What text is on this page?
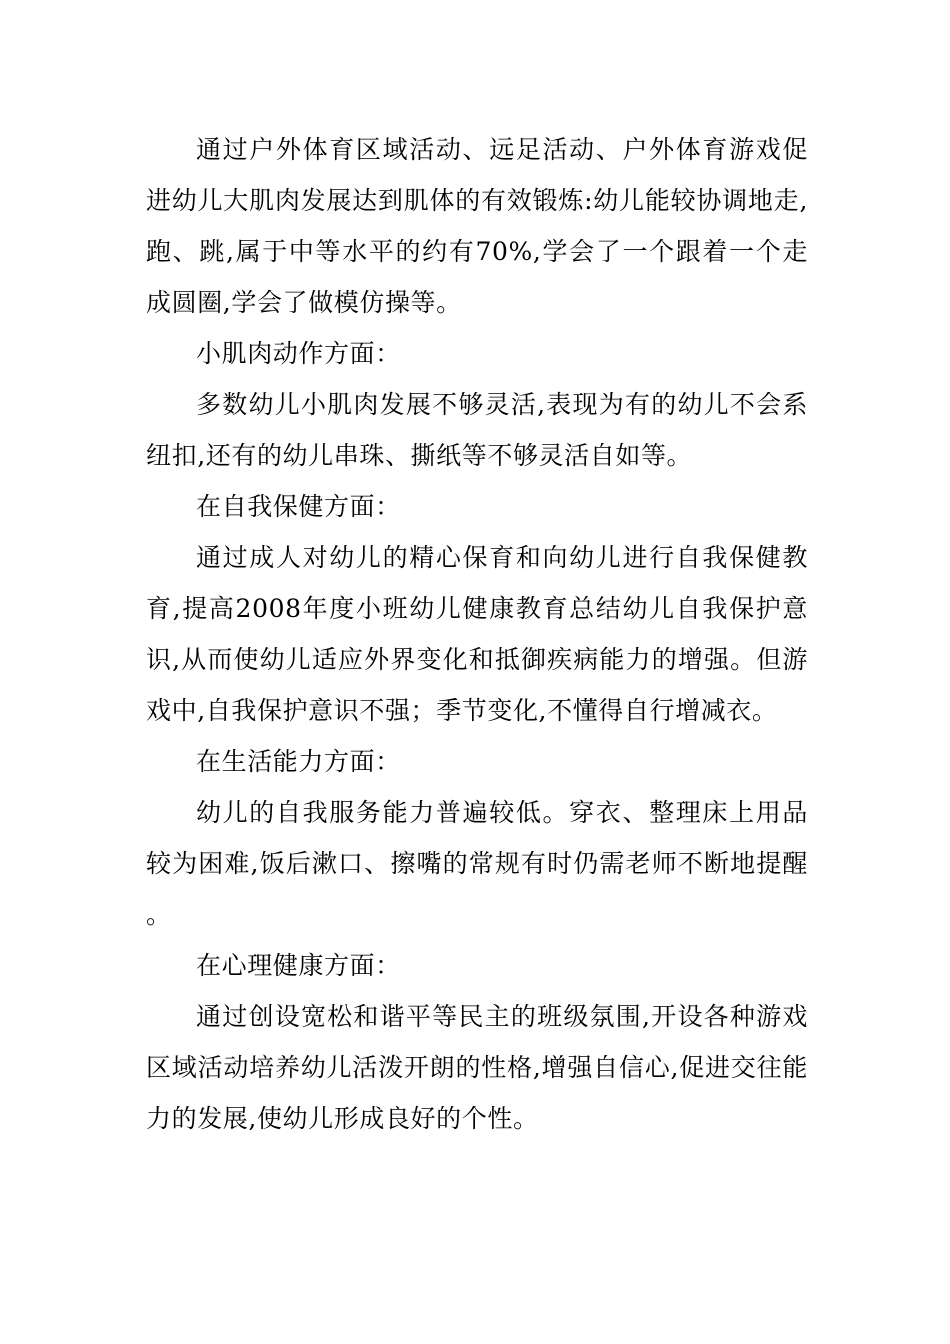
通过户外体育区域活动、远足活动、户外体育游戏促进幼儿大肌肉发展达到肌体的有效锻炼:幼儿能较协调地走,跑、跳,属于中等水平的约有70%,学会了一个跟着一个走成圆圈,学会了做模仿操等。

小肌肉动作方面：

多数幼儿小肌肉发展不够灵活,表现为有的幼儿不会系纽扣,还有的幼儿串珠、撕纸等不够灵活自如等。

在自我保健方面：

通过成人对幼儿的精心保育和向幼儿进行自我保健教育,提高2008年度小班幼儿健康教育总结幼儿自我保护意识,从而使幼儿适应外界变化和抵御疾病能力的增强。但游戏中,自我保护意识不强；季节变化,不懂得自行增减衣。

在生活能力方面：

幼儿的自我服务能力普遍较低。穿衣、整理床上用品较为困难,饭后漱口、擦嘴的常规有时仍需老师不断地提醒。

在心理健康方面：

通过创设宽松和谐平等民主的班级氛围,开设各种游戏区域活动培养幼儿活泼开朗的性格,增强自信心,促进交往能力的发展,使幼儿形成良好的个性。
